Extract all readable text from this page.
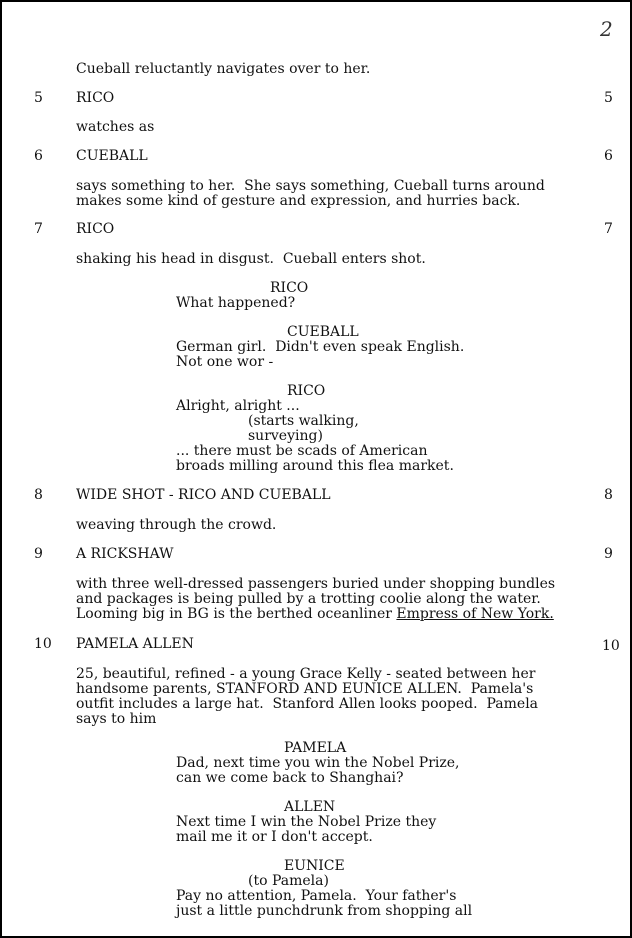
2
Cueball reluctantly navigates over to her.
5 RICO	5
watches as
6 CUEBALL	6
says something to her.  She says something, Cueball turns around
makes some kind of gesture and expression, and hurries back.
7 RICO	7
shaking his head in disgust.  Cueball enters shot.
RICO
What happened?
CUEBALL
German girl.  Didn't even speak English.
Not one wor -
RICO
Alright, alright ...
(starts walking,
surveying)
... there must be scads of American
broads milling around this flea market.
8 WIDE SHOT - RICO AND CUEBALL	8
weaving through the crowd.
9 A RICKSHAW	9
with three well-dressed passengers buried under shopping bundles
and packages is being pulled by a trotting coolie along the water.
Looming big in BG is the berthed oceanliner Empress of New York.
10 PAMELA ALLEN	10
25, beautiful, refined - a young Grace Kelly - seated between her
handsome parents, STANFORD AND EUNICE ALLEN.  Pamela's
outfit includes a large hat.  Stanford Allen looks pooped.  Pamela
says to him
PAMELA
Dad, next time you win the Nobel Prize,
can we come back to Shanghai?
ALLEN
Next time I win the Nobel Prize they
mail me it or I don't accept.
EUNICE
(to Pamela)
Pay no attention, Pamela.  Your father's
just a little punchdrunk from shopping all
